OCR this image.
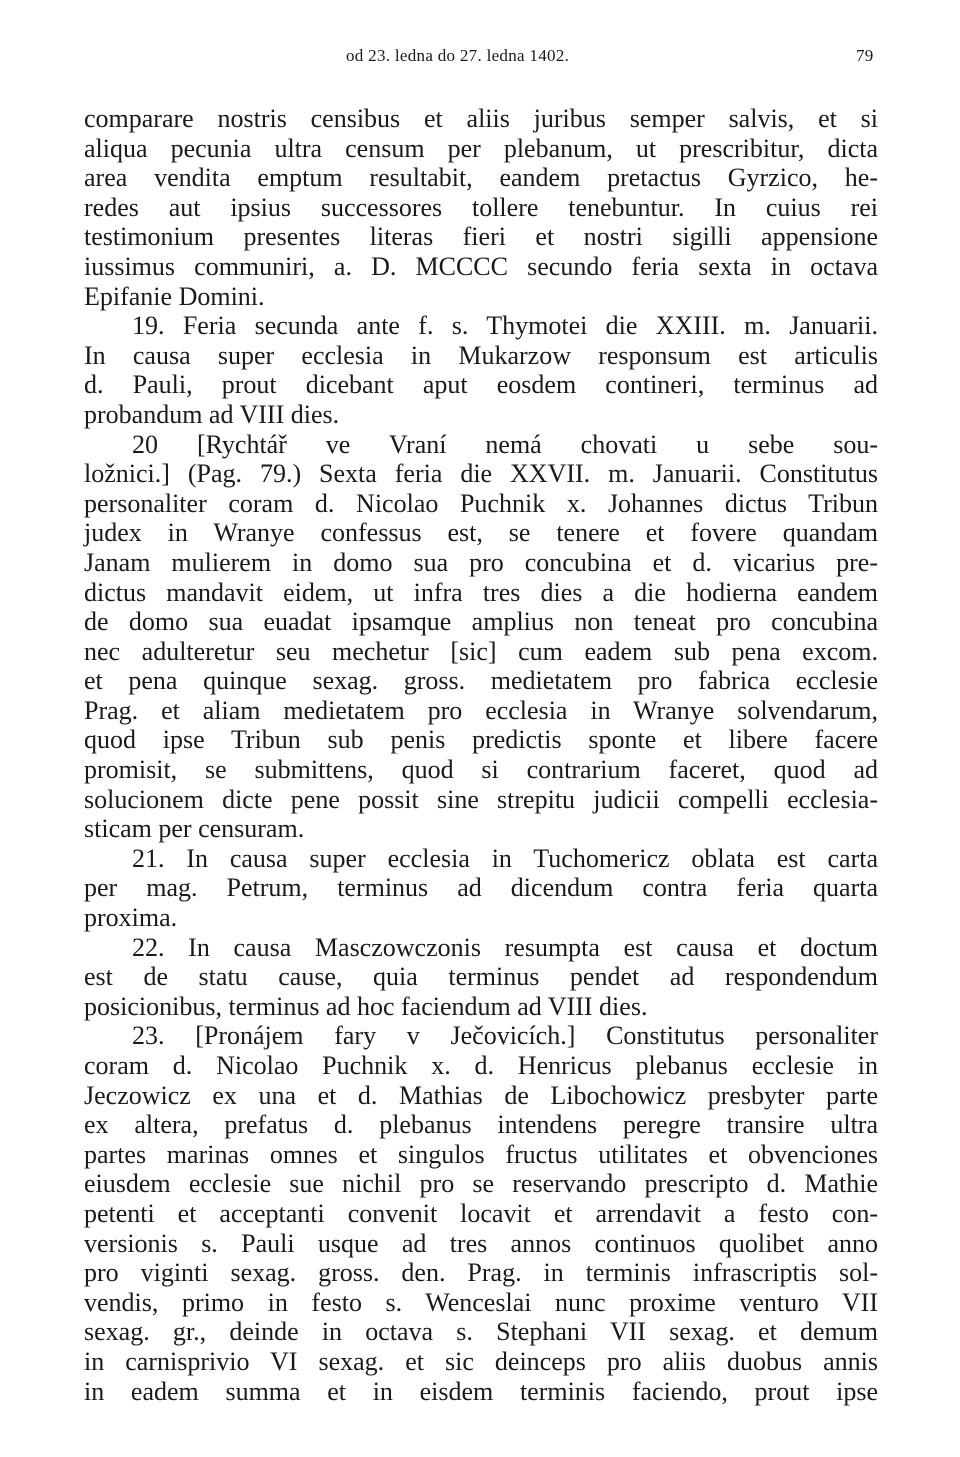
od 23. ledna do 27. ledna 1402.	79
comparare nostris censibus et aliis juribus semper salvis, et si
aliqua pecunia ultra censum per plebanum, ut prescribitur, dicta
area vendita emptum resultabit, eandem pretactus Gyrzico, he-
redes aut ipsius successores tollere tenebuntur. In cuius rei
testimonium presentes literas fieri et nostri sigilli appensione
iussimus communiri, a. D. MCCCC secundo feria sexta in octava
Epifanie Domini.
19. Feria secunda ante f. s. Thymotei die XXIII. m. Januarii.
In causa super ecclesia in Mukarzow responsum est articulis
d. Pauli, prout dicebant aput eosdem contineri, terminus ad
probandum ad VIII dies.
20 [Rychtář ve Vraní nemá chovati u sebe sou-
ložnici.] (Pag. 79.) Sexta feria die XXVII. m. Januarii. Constitutus
personaliter coram d. Nicolao Puchnik x. Johannes dictus Tribun
judex in Wranye confessus est, se tenere et fovere quandam
Janam mulierem in domo sua pro concubina et d. vicarius pre-
dictus mandavit eidem, ut infra tres dies a die hodierna eandem
de domo sua euadat ipsamque amplius non teneat pro concubina
nec adulteretur seu mechetur [sic] cum eadem sub pena excom.
et pena quinque sexag. gross. medietatem pro fabrica ecclesie
Prag. et aliam medietatem pro ecclesia in Wranye solvendarum,
quod ipse Tribun sub penis predictis sponte et libere facere
promisit, se submittens, quod si contrarium faceret, quod ad
solucionem dicte pene possit sine strepitu judicii compelli ecclesia-
sticam per censuram.
21. In causa super ecclesia in Tuchomericz oblata est carta
per mag. Petrum, terminus ad dicendum contra feria quarta
proxima.
22. In causa Masczowczonis resumpta est causa et doctum
est de statu cause, quia terminus pendet ad respondendum
posicionibus, terminus ad hoc faciendum ad VIII dies.
23. [Pronájem fary v Ječovicích.] Constitutus personaliter
coram d. Nicolao Puchnik x. d. Henricus plebanus ecclesie in
Jeczowicz ex una et d. Mathias de Libochowicz presbyter parte
ex altera, prefatus d. plebanus intendens peregre transire ultra
partes marinas omnes et singulos fructus utilitates et obvenciones
eiusdem ecclesie sue nichil pro se reservando prescripto d. Mathie
petenti et acceptanti convenit locavit et arrendavit a festo con-
versionis s. Pauli usque ad tres annos continuos quolibet anno
pro viginti sexag. gross. den. Prag. in terminis infrascriptis sol-
vendis, primo in festo s. Wenceslai nunc proxime venturo VII
sexag. gr., deinde in octava s. Stephani VII sexag. et demum
in carnisprivio VI sexag. et sic deinceps pro aliis duobus annis
in eadem summa et in eisdem terminis faciendo, prout ipse
